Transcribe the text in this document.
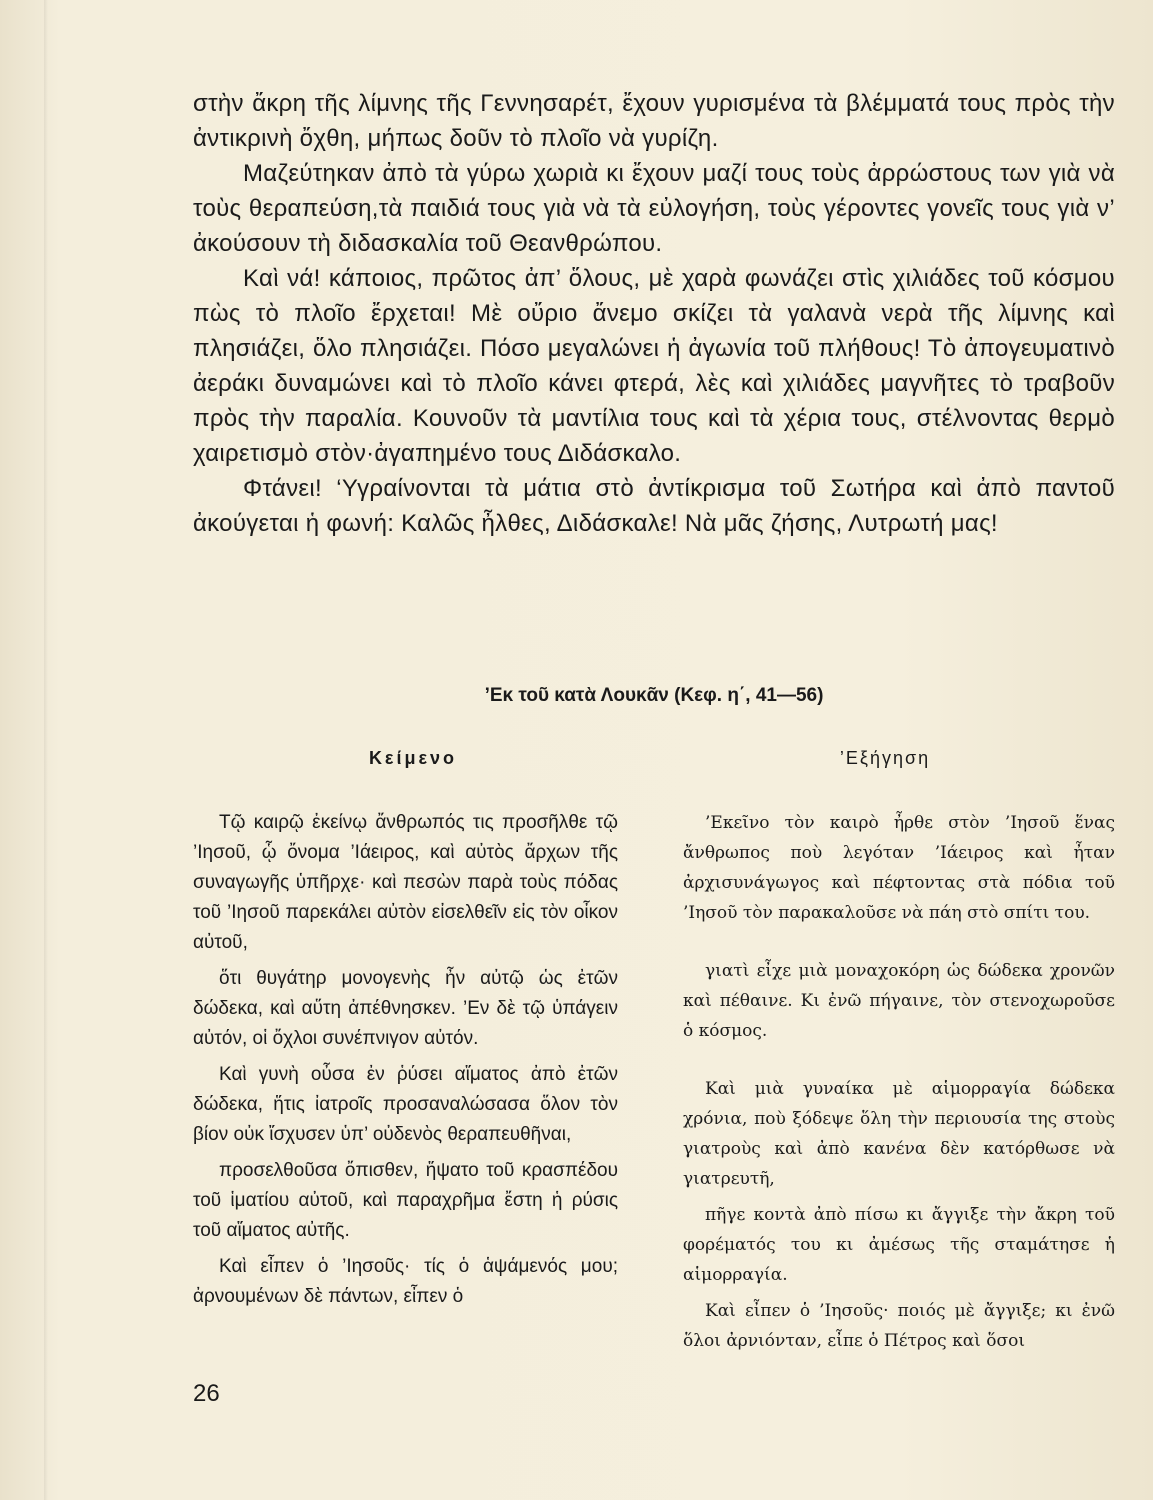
στὴν ἄκρη τῆς λίμνης τῆς Γεννησαρέτ, ἔχουν γυρισμένα τὰ βλέμματά τους πρὸς τὴν ἀντικρινὴ ὄχθη, μήπως δοῦν τὸ πλοῖο νὰ γυρίζη.

Μαζεύτηκαν ἀπὸ τὰ γύρω χωριὰ κι ἔχουν μαζί τους τοὺς ἀρρώστους των γιὰ νὰ τοὺς θεραπεύση,τὰ παιδιά τους γιὰ νὰ τὰ εὐλογήση, τοὺς γέροντες γονεῖς τους γιὰ ν’ ἀκούσουν τὴ διδασκαλία τοῦ Θεανθρώπου.

Καὶ νά! κάποιος, πρῶτος ἀπ’ ὅλους, μὲ χαρὰ φωνάζει στὶς χιλιάδες τοῦ κόσμου πὼς τὸ πλοῖο ἔρχεται! Μὲ οὔριο ἄνεμο σκίζει τὰ γαλανὰ νερὰ τῆς λίμνης καὶ πλησιάζει, ὅλο πλησιάζει. Πόσο μεγαλώνει ἡ ἀγωνία τοῦ πλήθους! Τὸ ἀπογευματινὸ ἀεράκι δυναμώνει καὶ τὸ πλοῖο κάνει φτερά, λὲς καὶ χιλιάδες μαγνῆτες τὸ τραβοῦν πρὸς τὴν παραλία. Κουνοῦν τὰ μαντίλια τους καὶ τὰ χέρια τους, στέλνοντας θερμὸ χαιρετισμὸ στὸν·ἀγαπημένο τους Διδάσκαλο.

Φτάνει! ‘Υγραίνονται τὰ μάτια στὸ ἀντίκρισμα τοῦ Σωτήρα καὶ ἀπὸ παντοῦ ἀκούγεται ἡ φωνή: Καλῶς ἦλθες, Διδάσκαλε! Νὰ μᾶς ζήσης, Λυτρωτή μας!

’Εκ τοῦ κατὰ Λουκᾶν (Κεφ. η΄, 41—56)
Κείμενο	’Εξήγηση

Τῷ καιρῷ ἐκείνῳ ἄνθρωπός τις προσῆλθε τῷ ’Ιησοῦ, ᾧ ὄνομα ’Ιάειρος, καὶ αὐτὸς ἄρχων τῆς συναγωγῆς ὑπῆρχε· καὶ πεσὼν παρὰ τοὺς πόδας τοῦ ’Ιησοῦ παρεκάλει αὐτὸν εἰσελθεῖν εἰς τὸν οἶκον αὐτοῦ,

ὅτι θυγάτηρ μονογενὴς ἦν αὐτῷ ὡς ἐτῶν δώδεκα, καὶ αὕτη ἀπέθνησκεν. ’Εν δὲ τῷ ὑπάγειν αὐτόν, οἱ ὄχλοι συνέπνιγον αὐτόν.

Καὶ γυνὴ οὖσα ἐν ῥύσει αἵματος ἀπὸ ἐτῶν δώδεκα, ἥτις ἰατροῖς προσαναλώσασα ὅλον τὸν βίον οὐκ ἴσχυσεν ὑπ’ οὐδενὸς θεραπευθῆναι,

προσελθοῦσα ὄπισθεν, ἥψατο τοῦ κρασπέδου τοῦ ἱματίου αὐτοῦ, καὶ παραχρῆμα ἔστη ἡ ρύσις τοῦ αἵματος αὐτῆς.

Καὶ εἶπεν ὁ ’Ιησοῦς· τίς ὁ ἁψάμενός μου; ἀρνουμένων δὲ πάντων, εἶπεν ὁ

’Εκεῖνο τὸν καιρὸ ἦρθε στὸν ’Ιησοῦ ἕνας ἄνθρωπος ποὺ λεγόταν ’Ιάειρος καὶ ἦταν ἀρχισυνάγωγος καὶ πέφτοντας στὰ πόδια τοῦ ’Ιησοῦ τὸν παρακαλοῦσε νὰ πάη στὸ σπίτι του.

γιατὶ εἶχε μιὰ μοναχοκόρη ὡς δώδεκα χρονῶν καὶ πέθαινε. Κι ἐνῶ πήγαινε, τὸν στενοχωροῦσε ὁ κόσμος.

Καὶ μιὰ γυναίκα μὲ αἱμορραγία δώδεκα χρόνια, ποὺ ξόδεψε ὅλη τὴν περιουσία της στοὺς γιατροὺς καὶ ἀπὸ κανένα δὲν κατόρθωσε νὰ γιατρευτῆ,

πῆγε κοντὰ ἀπὸ πίσω κι ἄγγιξε τὴν ἄκρη τοῦ φορέματός του κι ἀμέσως τῆς σταμάτησε ἡ αἱμορραγία.

Καὶ εἶπεν ὁ ’Ιησοῦς· ποιός μὲ ἄγγιξε; κι ἐνῶ ὅλοι ἀρνιόνταν, εἶπε ὁ Πέτρος καὶ ὅσοι

26
